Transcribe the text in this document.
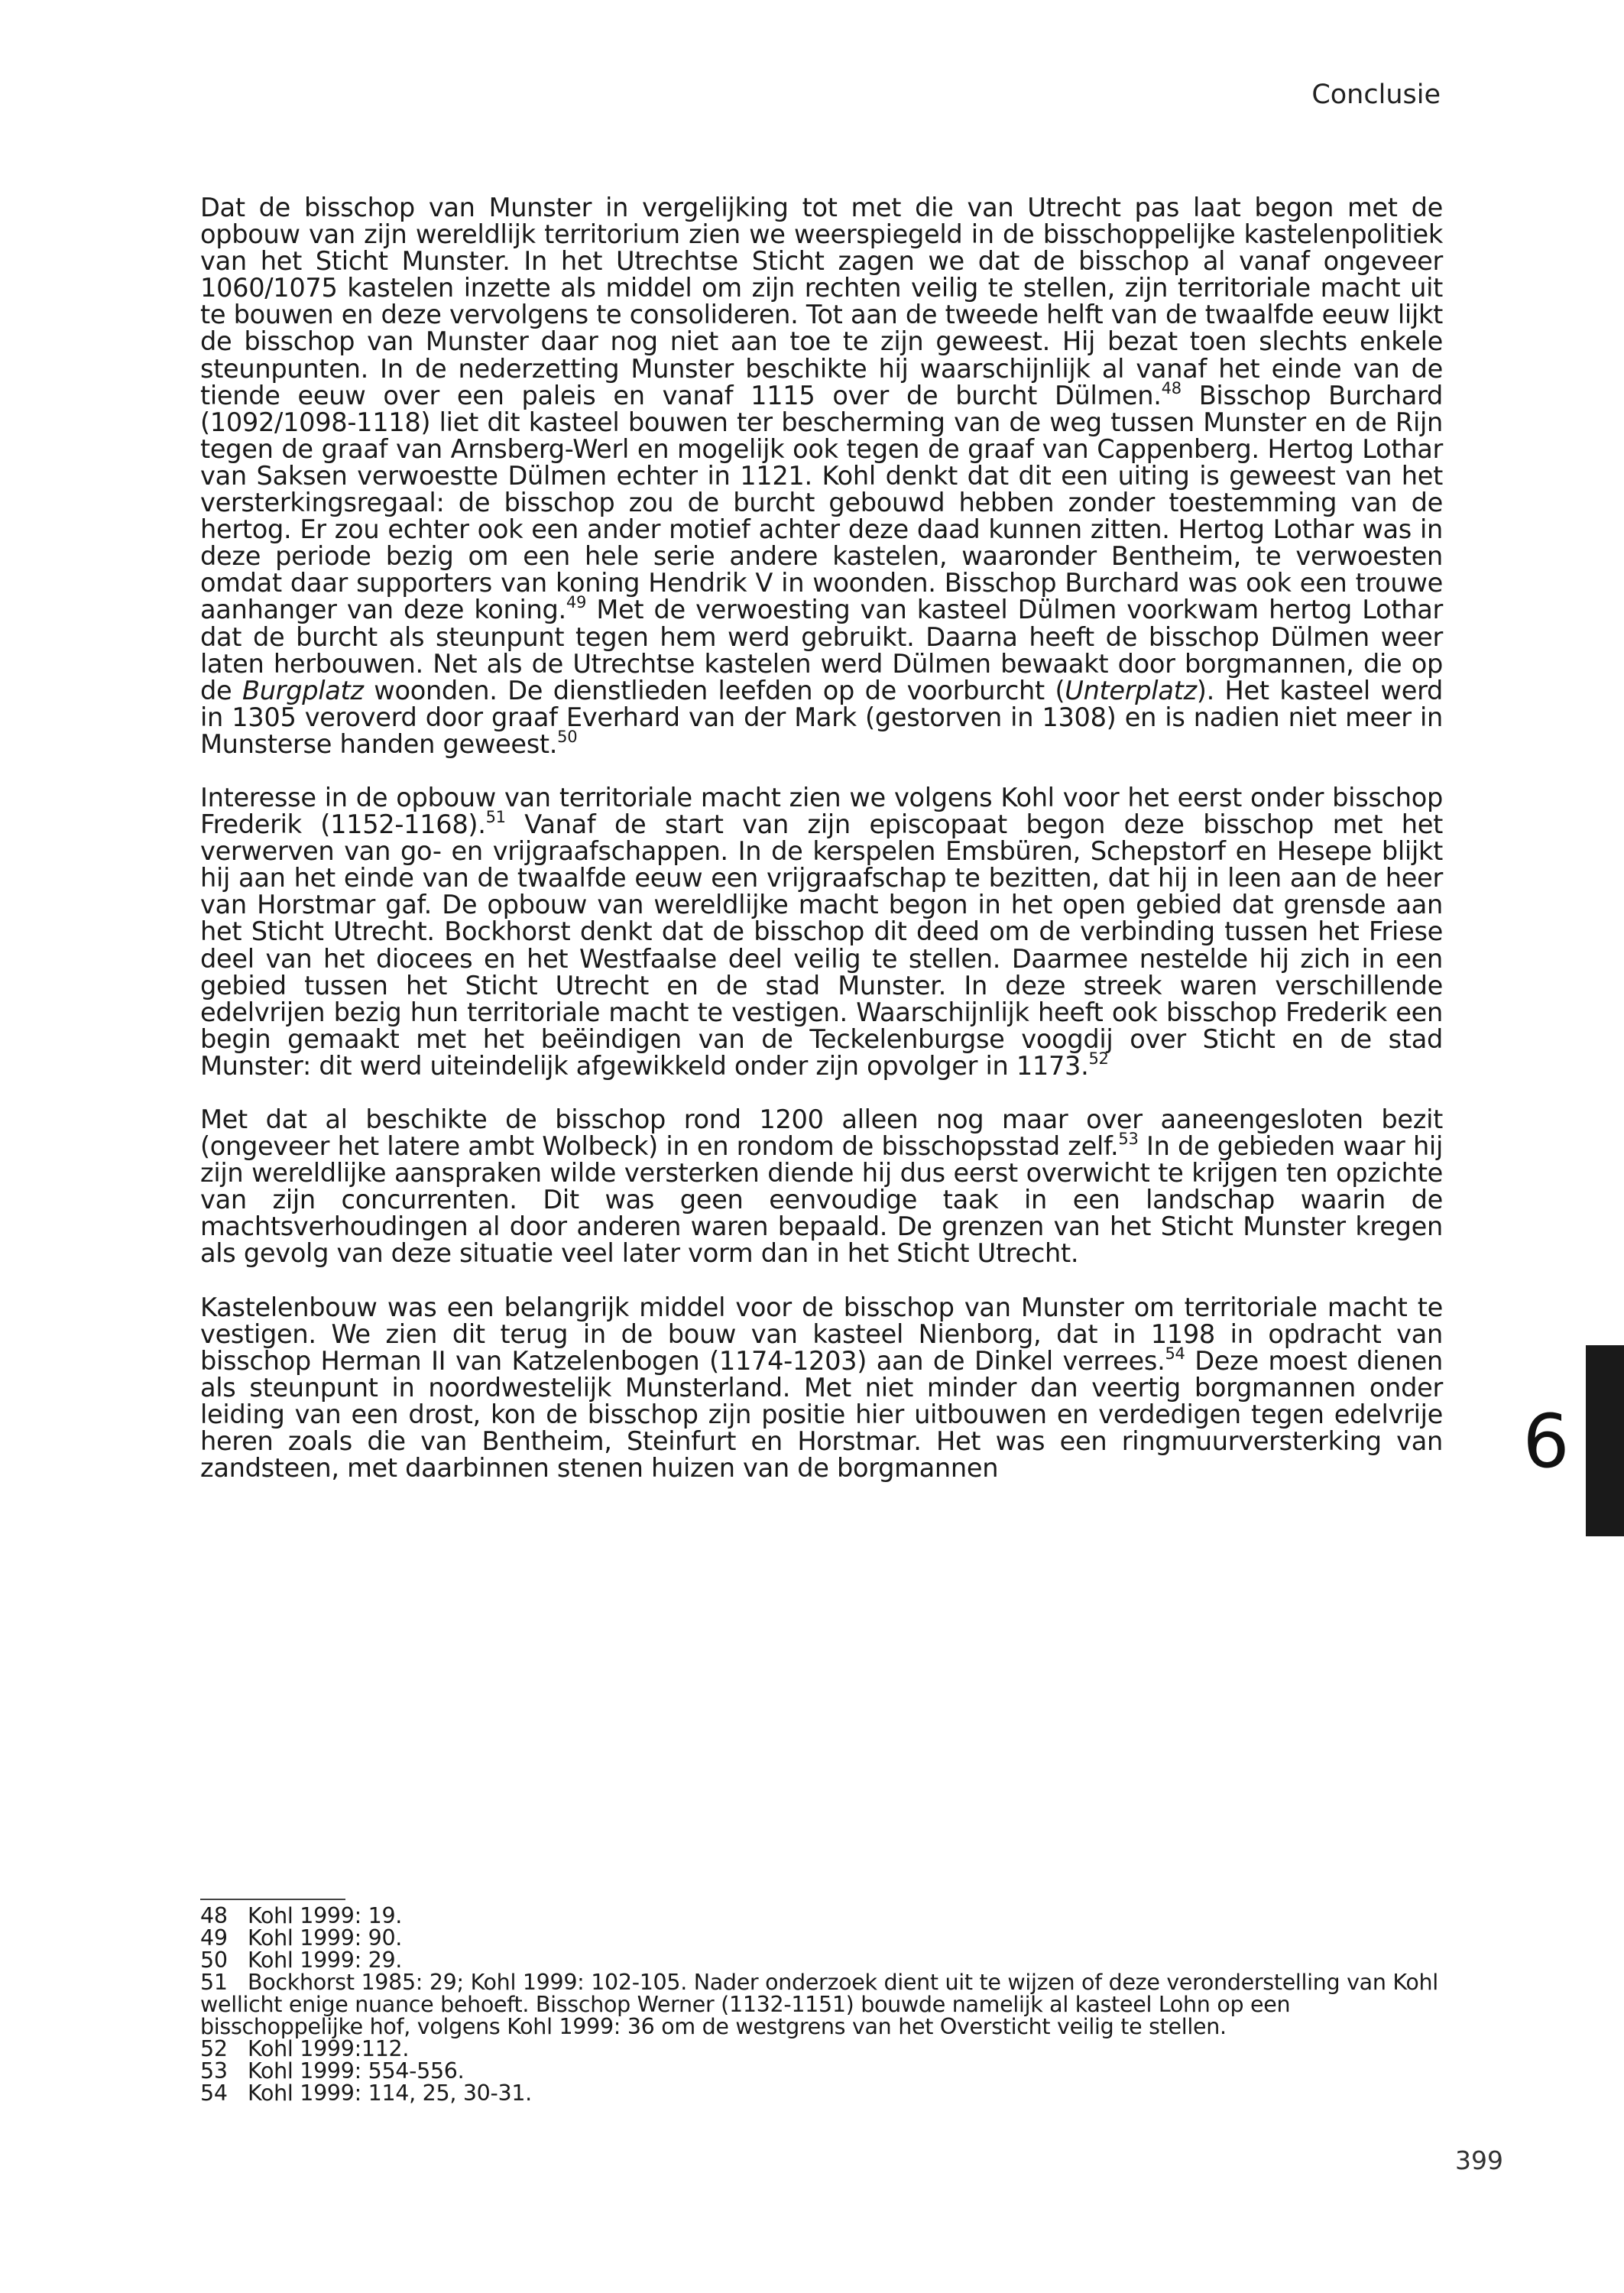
Conclusie

Dat de bisschop van Munster in vergelijking tot met die van Utrecht pas laat begon met de opbouw van zijn wereldlijk territorium zien we weerspiegeld in de bisschoppelijke kastelenpolitiek van het Sticht Munster. In het Utrechtse Sticht zagen we dat de bisschop al vanaf ongeveer 1060/1075 kastelen inzette als middel om zijn rechten veilig te stellen, zijn territoriale macht uit te bouwen en deze vervolgens te consolideren. Tot aan de tweede helft van de twaalfde eeuw lijkt de bisschop van Munster daar nog niet aan toe te zijn geweest. Hij bezat toen slechts enkele steunpunten. In de nederzetting Munster beschikte hij waarschijnlijk al vanaf het einde van de tiende eeuw over een paleis en vanaf 1115 over de burcht Dülmen.$^{48}$ Bisschop Burchard (1092/1098-1118) liet dit kasteel bouwen ter bescherming van de weg tussen Munster en de Rijn tegen de graaf van Arnsberg-Werl en mogelijk ook tegen de graaf van Cappenberg. Hertog Lothar van Saksen verwoestte Dülmen echter in 1121. Kohl denkt dat dit een uiting is geweest van het versterkingsregaal: de bisschop zou de burcht gebouwd hebben zonder toestemming van de hertog. Er zou echter ook een ander motief achter deze daad kunnen zitten. Hertog Lothar was in deze periode bezig om een hele serie andere kastelen, waaronder Bentheim, te verwoesten omdat daar supporters van koning Hendrik V in woonden. Bisschop Burchard was ook een trouwe aanhanger van deze koning.$^{49}$ Met de verwoesting van kasteel Dülmen voorkwam hertog Lothar dat de burcht als steunpunt tegen hem werd gebruikt. Daarna heeft de bisschop Dülmen weer laten herbouwen. Net als de Utrechtse kastelen werd Dülmen bewaakt door borgmannen, die op de Burgplatz woonden. De dienstlieden leefden op de voorburcht (Unterplatz). Het kasteel werd in 1305 veroverd door graaf Everhard van der Mark (gestorven in 1308) en is nadien niet meer in Munsterse handen geweest.$^{50}$

Interesse in de opbouw van territoriale macht zien we volgens Kohl voor het eerst onder bisschop Frederik (1152-1168).$^{51}$ Vanaf de start van zijn episcopaat begon deze bisschop met het verwerven van go- en vrijgraafschappen. In de kerspelen Emsbüren, Schepstorf en Hesepe blijkt hij aan het einde van de twaalfde eeuw een vrijgraafschap te bezitten, dat hij in leen aan de heer van Horstmar gaf. De opbouw van wereldlijke macht begon in het open gebied dat grensde aan het Sticht Utrecht. Bockhorst denkt dat de bisschop dit deed om de verbinding tussen het Friese deel van het diocees en het Westfaalse deel veilig te stellen. Daarmee nestelde hij zich in een gebied tussen het Sticht Utrecht en de stad Munster. In deze streek waren verschillende edelvrijen bezig hun territoriale macht te vestigen. Waarschijnlijk heeft ook bisschop Frederik een begin gemaakt met het beëindigen van de Teckelenburgse voogdij over Sticht en de stad Munster: dit werd uiteindelijk afgewikkeld onder zijn opvolger in 1173.52

Met dat al beschikte de bisschop rond 1200 alleen nog maar over aaneengesloten bezit (ongeveer het latere ambt Wolbeck) in en rondom de bisschopsstad zelf.$^{53}$ In de gebieden waar hij zijn wereldlijke aanspraken wilde versterken diende hij dus eerst overwicht te krijgen ten opzichte van zijn concurrenten. Dit was geen eenvoudige taak in een landschap waarin de machtsverhoudingen al door anderen waren bepaald. De grenzen van het Sticht Munster kregen als gevolg van deze situatie veel later vorm dan in het Sticht Utrecht.

Kastelenbouw was een belangrijk middel voor de bisschop van Munster om territoriale macht te vestigen. We zien dit terug in de bouw van kasteel Nienborg, dat in 1198 in opdracht van bisschop Herman II van Katzelenbogen (1174-1203) aan de Dinkel verrees.$^{54}$ Deze moest dienen als steunpunt in noordwestelijk Munsterland. Met niet minder dan veertig borgmannen onder leiding van een drost, kon de bisschop zijn positie hier uitbouwen en verdedigen tegen edelvrije heren zoals die van Bentheim, Steinfurt en Horstmar. Het was een ringmuurversterking van zandsteen, met daarbinnen stenen huizen van de borgmannen

48 Kohl 1999: 19.

49 Kohl 1999: 90.

50 Kohl 1999: 29.

51 Bockhorst 1985: 29; Kohl 1999: 102-105. Nader onderzoek dient uit te wijzen of deze veronderstelling van Kohl wellicht enige nuance behoeft. Bisschop Werner (1132-1151) bouwde namelijk al kasteel Lohn op een bisschoppelijke hof, volgens Kohl 1999: 36 om de westgrens van het Oversticht veilig te stellen.

52 Kohl 1999:112.

53 Kohl 1999: 554-556.

54 Kohl 1999: 114, 25, 30-31.

6
399
